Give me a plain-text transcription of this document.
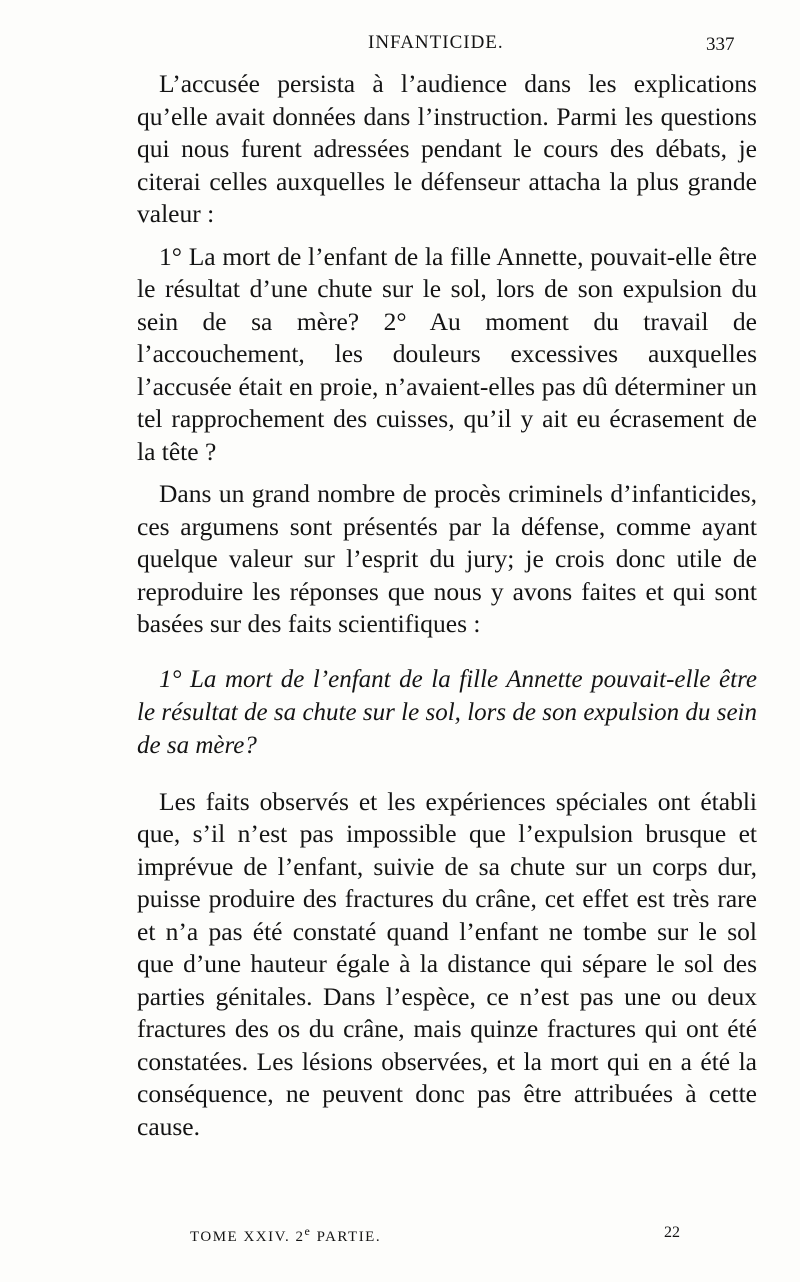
INFANTICIDE.	337

L’accusée persista à l’audience dans les explications qu’elle avait données dans l’instruction. Parmi les questions qui nous furent adressées pendant le cours des débats, je citerai celles auxquelles le défenseur attacha la plus grande valeur :

1° La mort de l’enfant de la fille Annette, pouvait-elle être le résultat d’une chute sur le sol, lors de son expulsion du sein de sa mère? 2° Au moment du travail de l’accouchement, les douleurs excessives auxquelles l’accusée était en proie, n’avaient-elles pas dû déterminer un tel rapprochement des cuisses, qu’il y ait eu écrasement de la tête ?

Dans un grand nombre de procès criminels d’infanticides, ces argumens sont présentés par la défense, comme ayant quelque valeur sur l’esprit du jury; je crois donc utile de reproduire les réponses que nous y avons faites et qui sont basées sur des faits scientifiques :

1° La mort de l’enfant de la fille Annette pouvait-elle être le résultat de sa chute sur le sol, lors de son expulsion du sein de sa mère?

Les faits observés et les expériences spéciales ont établi que, s’il n’est pas impossible que l’expulsion brusque et imprévue de l’enfant, suivie de sa chute sur un corps dur, puisse produire des fractures du crâne, cet effet est très rare et n’a pas été constaté quand l’enfant ne tombe sur le sol que d’une hauteur égale à la distance qui sépare le sol des parties génitales. Dans l’espèce, ce n’est pas une ou deux fractures des os du crâne, mais quinze fractures qui ont été constatées. Les lésions observées, et la mort qui en a été la conséquence, ne peuvent donc pas être attribuées à cette cause.

TOME XXIV. 2e PARTIE.	22
